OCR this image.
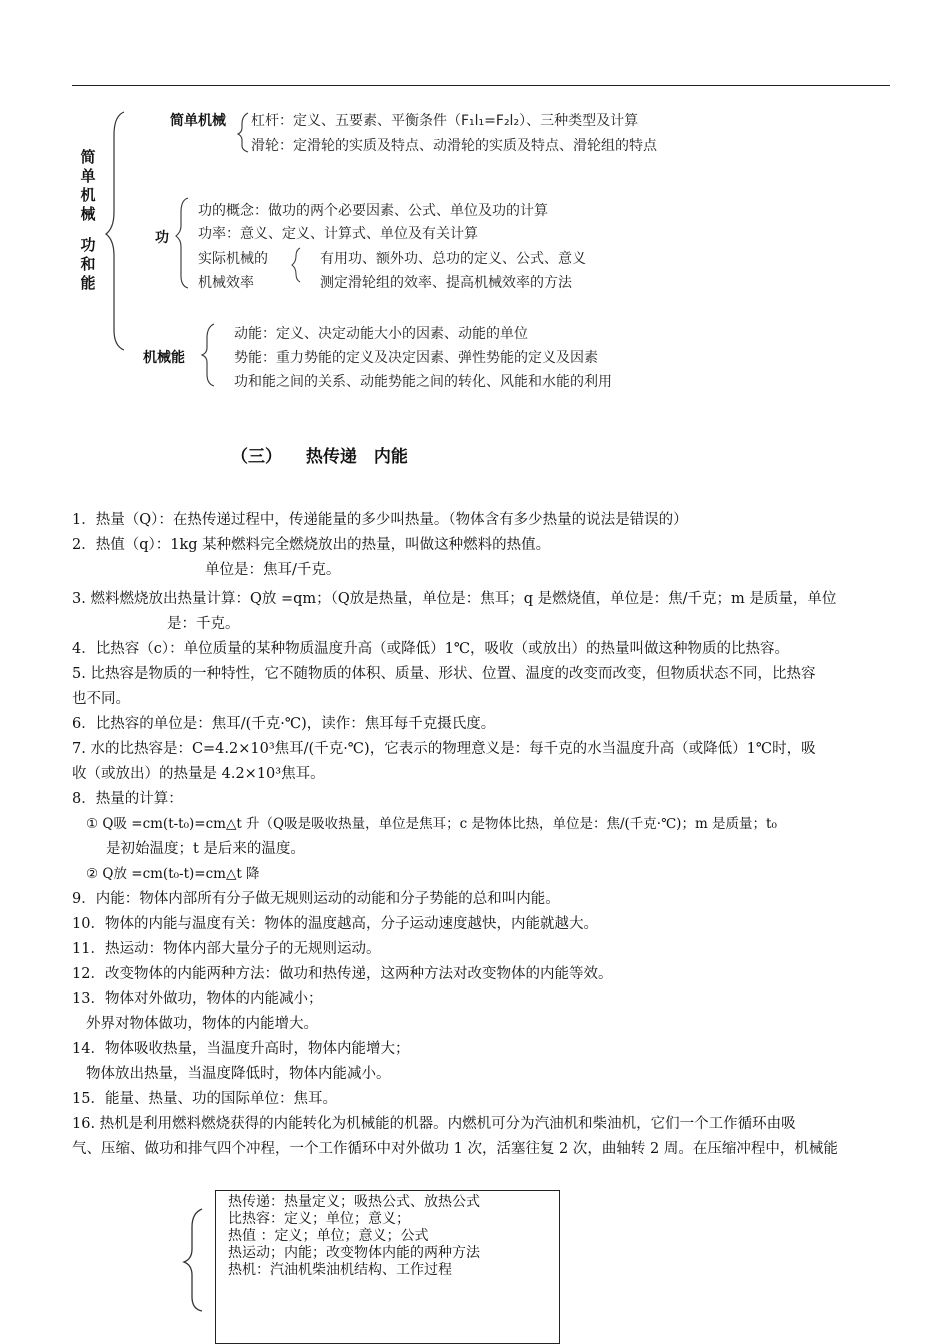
简
单
机
械
功
和
能
简单机械 杠杆：定义、五要素、平衡条件（F₁l₁=F₂l₂）、三种类型及计算
滑轮：定滑轮的实质及特点、动滑轮的实质及特点、滑轮组的特点
功
功的概念：做功的两个必要因素、公式、单位及功的计算
功率：意义、定义、计算式、单位及有关计算
实际机械的
机械效率
有用功、额外功、总功的定义、公式、意义
测定滑轮组的效率、提高机械效率的方法
机械能
动能：定义、决定动能大小的因素、动能的单位
势能：重力势能的定义及决定因素、弹性势能的定义及因素
功和能之间的关系、动能势能之间的转化、风能和水能的利用
（三） 热传递　内能

1．热量（Q）：在热传递过程中，传递能量的多少叫热量。（物体含有多少热量的说法是错误的）

2．热值（q）：1kg 某种燃料完全燃烧放出的热量，叫做这种燃料的热值。

单位是：焦耳/千克。

3. 燃料燃烧放出热量计算：Q放 =qm；（Q放是热量，单位是：焦耳；q 是燃烧值，单位是：焦/千克；m 是质量，单位

是：千克。

4．比热容（c）：单位质量的某种物质温度升高（或降低）1℃，吸收（或放出）的热量叫做这种物质的比热容。

5. 比热容是物质的一种特性，它不随物质的体积、质量、形状、位置、温度的改变而改变，但物质状态不同，比热容

也不同。

6．比热容的单位是：焦耳/(千克·℃)，读作：焦耳每千克摄氏度。

7. 水的比热容是：C=4.2×10³焦耳/(千克·℃)，它表示的物理意义是：每千克的水当温度升高（或降低）1℃时，吸

收（或放出）的热量是 4.2×10³焦耳。

8．热量的计算：

① Q吸 =cm(t-t₀)=cm△t 升（Q吸是吸收热量，单位是焦耳；c 是物体比热，单位是：焦/(千克·℃)；m 是质量；t₀

是初始温度；t 是后来的温度。

② Q放 =cm(t₀-t)=cm△t 降

9．内能：物体内部所有分子做无规则运动的动能和分子势能的总和叫内能。

10．物体的内能与温度有关：物体的温度越高，分子运动速度越快，内能就越大。

11．热运动：物体内部大量分子的无规则运动。

12．改变物体的内能两种方法：做功和热传递，这两种方法对改变物体的内能等效。

13．物体对外做功，物体的内能减小；

外界对物体做功，物体的内能增大。

14．物体吸收热量，当温度升高时，物体内能增大；

物体放出热量，当温度降低时，物体内能减小。

15．能量、热量、功的国际单位：焦耳。

16. 热机是利用燃料燃烧获得的内能转化为机械能的机器。内燃机可分为汽油机和柴油机，它们一个工作循环由吸

气、压缩、做功和排气四个冲程，一个工作循环中对外做功 1 次，活塞往复 2 次，曲轴转 2 周。在压缩冲程中，机械能

热传递：热量定义；吸热公式、放热公式
比热容：定义；单位；意义；
热值 ：定义；单位；意义；公式
热运动；内能；改变物体内能的两种方法
热机：汽油机柴油机结构、工作过程
